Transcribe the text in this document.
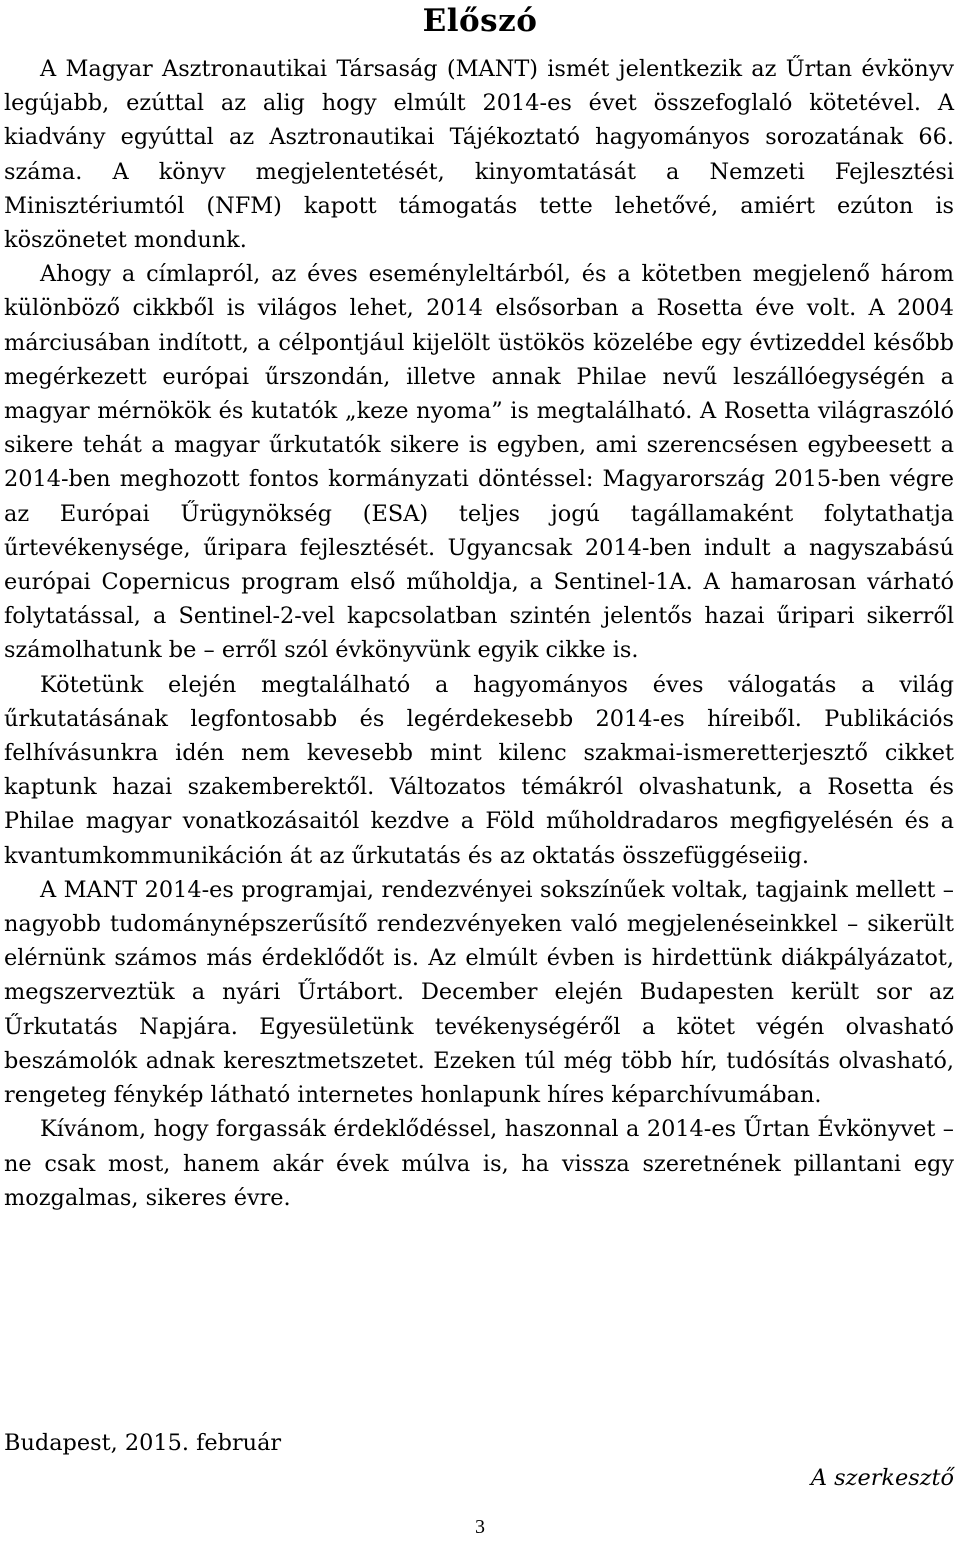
Előszó

A Magyar Asztronautikai Társaság (MANT) ismét jelentkezik az Űrtan évkönyv legújabb, ezúttal az alig hogy elmúlt 2014-es évet összefoglaló kötetével. A kiadvány egyúttal az Asztronautikai Tájékoztató hagyományos sorozatának 66. száma. A könyv megjelentetését, kinyomtatását a Nemzeti Fejlesztési Minisztériumtól (NFM) kapott támogatás tette lehetővé, amiért ezúton is köszönetet mondunk.

Ahogy a címlapról, az éves eseményleltárból, és a kötetben megjelenő három különböző cikkből is világos lehet, 2014 elsősorban a Rosetta éve volt. A 2004 márciusában indított, a célpontjául kijelölt üstökös közelébe egy évtizeddel később megérkezett európai űrszondán, illetve annak Philae nevű leszállóegységén a magyar mérnökök és kutatók „keze nyoma” is megtalálható. A Rosetta világraszóló sikere tehát a magyar űrkutatók sikere is egyben, ami szerencsésen egybeesett a 2014-ben meghozott fontos kormányzati döntéssel: Magyarország 2015-ben végre az Európai Űrügynökség (ESA) teljes jogú tagállamaként folytathatja űrtevékenysége, űripara fejlesztését. Ugyancsak 2014-ben indult a nagyszabású európai Copernicus program első műholdja, a Sentinel-1A. A hamarosan várható folytatással, a Sentinel-2-vel kapcsolatban szintén jelentős hazai űripari sikerről számolhatunk be – erről szól évkönyvünk egyik cikke is.

Kötetünk elején megtalálható a hagyományos éves válogatás a világ űrkutatásának legfontosabb és legérdekesebb 2014-es híreiből. Publikációs felhívásunkra idén nem kevesebb mint kilenc szakmai-ismeretterjesztő cikket kaptunk hazai szakemberektől. Változatos témákról olvashatunk, a Rosetta és Philae magyar vonatkozásaitól kezdve a Föld műholdradaros megfigyelésén és a kvantumkommunikáción át az űrkutatás és az oktatás összefüggéseiig.

A MANT 2014-es programjai, rendezvényei sokszínűek voltak, tagjaink mellett – nagyobb tudománynépszerűsítő rendezvényeken való megjelenéseinkkel – sikerült elérnünk számos más érdeklődőt is. Az elmúlt évben is hirdettünk diákpályázatot, megszerveztük a nyári Űrtábort. December elején Budapesten került sor az Űrkutatás Napjára. Egyesületünk tevékenységéről a kötet végén olvasható beszámolók adnak keresztmetszetet. Ezeken túl még több hír, tudósítás olvasható, rengeteg fénykép látható internetes honlapunk híres képarchívumában.

Kívánom, hogy forgassák érdeklődéssel, haszonnal a 2014-es Űrtan Évkönyvet – ne csak most, hanem akár évek múlva is, ha vissza szeretnének pillantani egy mozgalmas, sikeres évre.

Budapest, 2015. február
A szerkesztő
3
